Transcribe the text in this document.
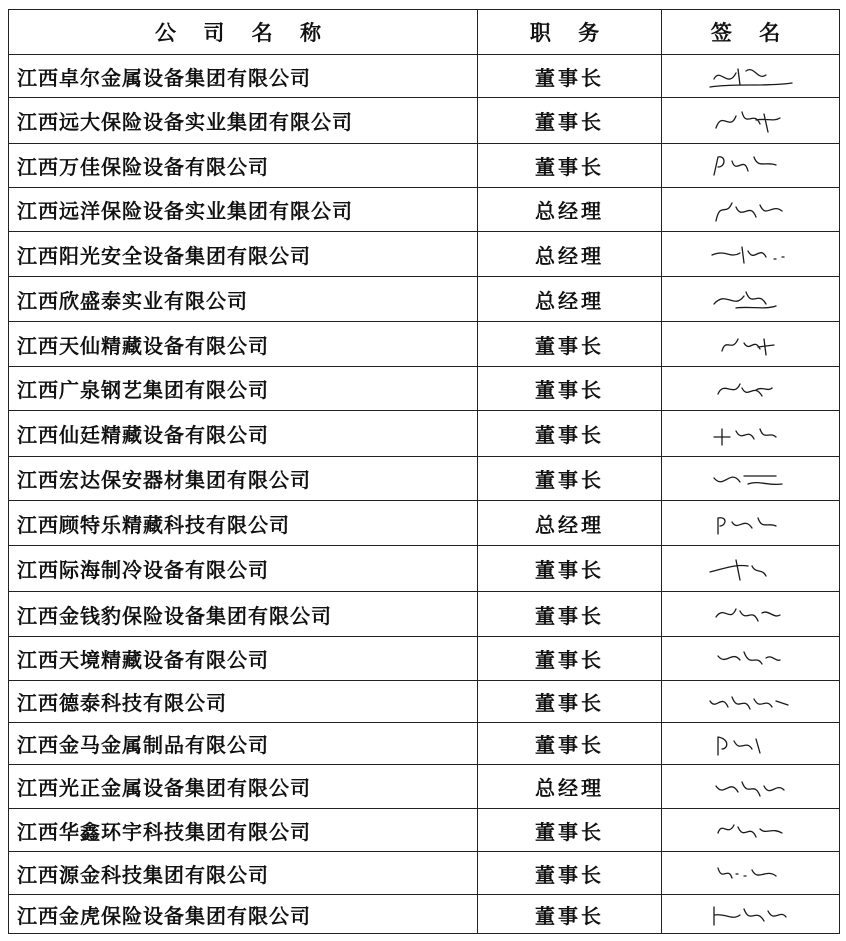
公 司 名 称	职 务	签 名
江西卓尔金属设备集团有限公司	董事长	

江西远大保险设备实业集团有限公司	董事长	

江西万佳保险设备有限公司	董事长	

江西远洋保险设备实业集团有限公司	总经理	

江西阳光安全设备集团有限公司	总经理	

江西欣盛泰实业有限公司	总经理	

江西天仙精藏设备有限公司	董事长	

江西广泉钢艺集团有限公司	董事长	

江西仙廷精藏设备有限公司	董事长	

江西宏达保安器材集团有限公司	董事长	

江西顾特乐精藏科技有限公司	总经理	

江西际海制冷设备有限公司	董事长	

江西金钱豹保险设备集团有限公司	董事长	

江西天境精藏设备有限公司	董事长	

江西德泰科技有限公司	董事长	

江西金马金属制品有限公司	董事长	

江西光正金属设备集团有限公司	总经理	

江西华鑫环宇科技集团有限公司	董事长	

江西源金科技集团有限公司	董事长	

江西金虎保险设备集团有限公司	董事长	
